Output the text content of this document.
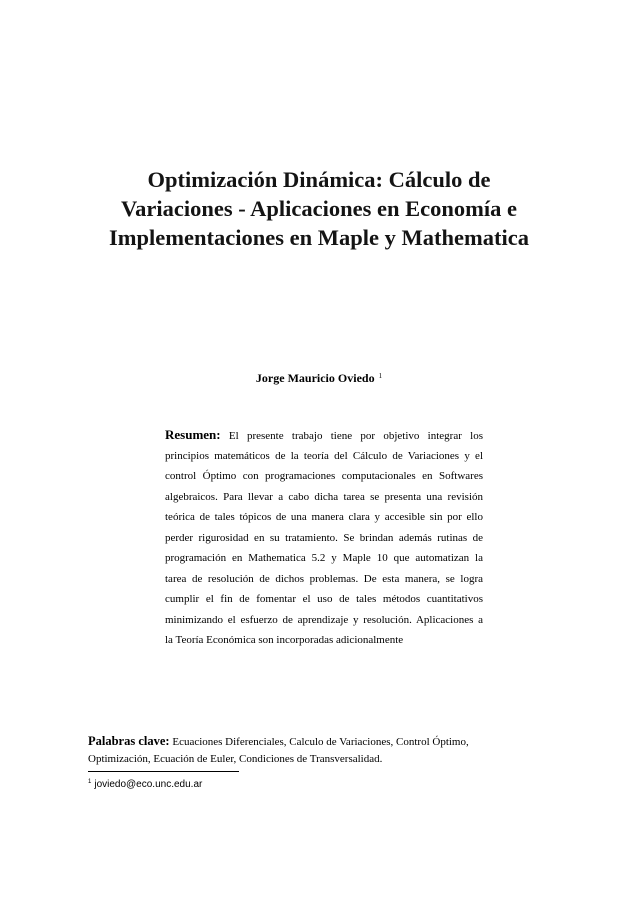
Optimización Dinámica: Cálculo de
Variaciones - Aplicaciones en Economía e
Implementaciones en Maple y Mathematica
Jorge Mauricio Oviedo $^1$
Resumen: El presente trabajo tiene por objetivo integrar los
principios matemáticos de la teoría del Cálculo de Variaciones y el
control Óptimo con programaciones computacionales en Softwares
algebraicos. Para llevar a cabo dicha tarea se presenta una revisión
teórica de tales tópicos de una manera clara y accesible sin por ello
perder rigurosidad en su tratamiento. Se brindan además rutinas de
programación en Mathematica 5.2 y Maple 10 que automatizan la
tarea de resolución de dichos problemas. De esta manera, se logra
cumplir el fin de fomentar el uso de tales métodos cuantitativos
minimizando el esfuerzo de aprendizaje y resolución. Aplicaciones a
la Teoría Económica son incorporadas adicionalmente
Palabras clave: Ecuaciones Diferenciales, Calculo de Variaciones, Control Óptimo,
Optimización, Ecuación de Euler, Condiciones de Transversalidad.
$^1$ joviedo@eco.unc.edu.ar
